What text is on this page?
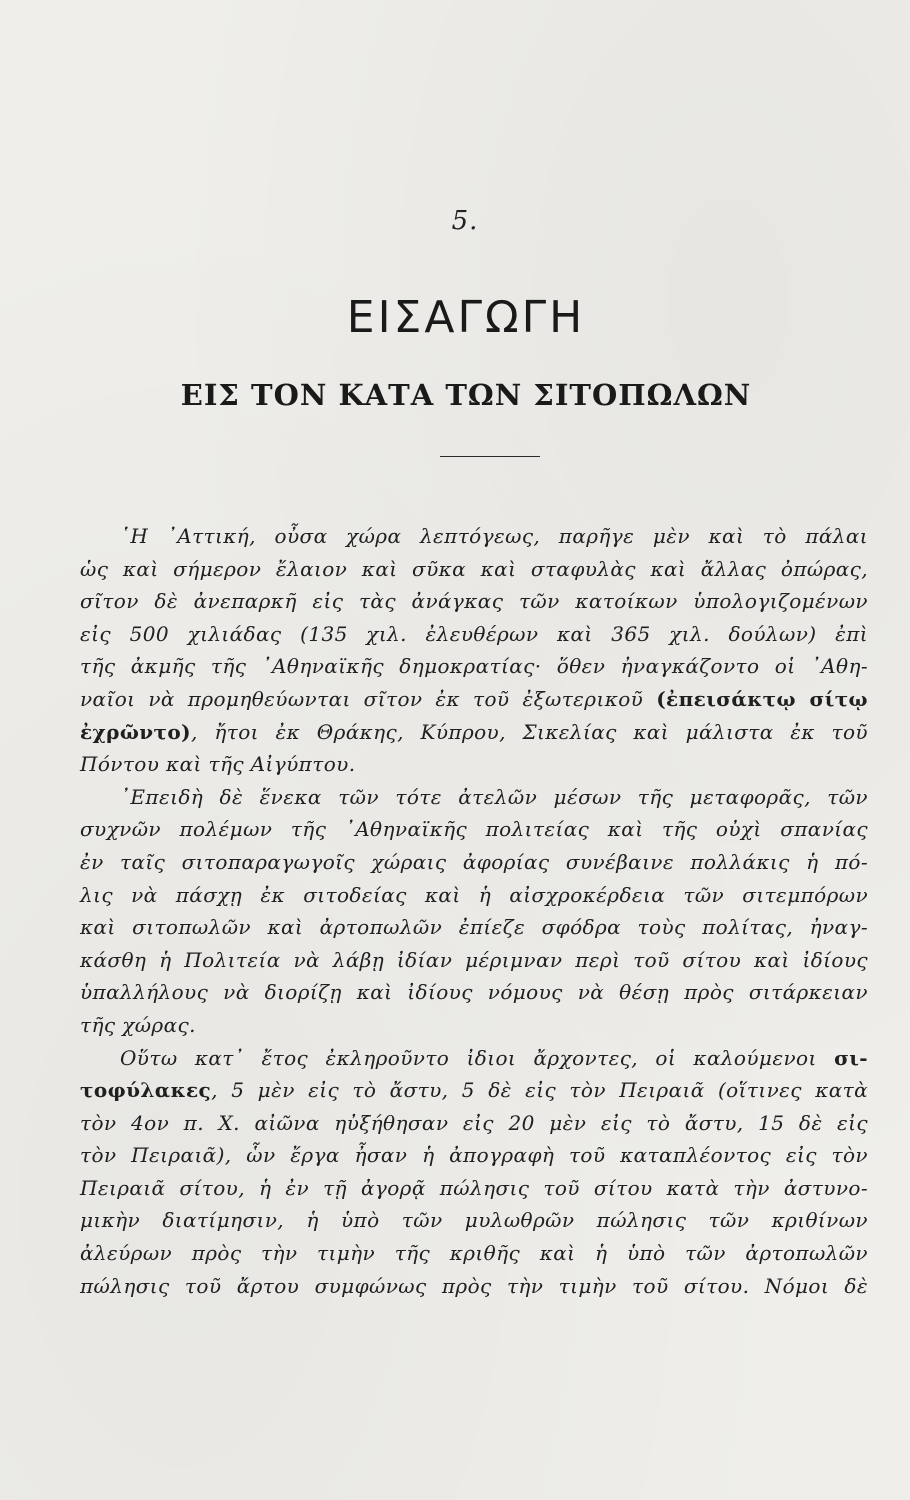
5.
ΕΙΣΑΓΩΓΗ
ΕΙΣ ΤΟΝ ΚΑΤΑ ΤΩΝ ΣΙΤΟΠΩΛΩΝ
῾Η ᾿Αττική, οὖσα χώρα λεπτόγεως, παρῆγε μὲν καὶ τὸ πάλαι
ὡς καὶ σήμερον ἔλαιον καὶ σῦκα καὶ σταφυλὰς καὶ ἄλλας ὀπώρας,
σῖτον δὲ ἀνεπαρκῆ εἰς τὰς ἀνάγκας τῶν κατοίκων ὑπολογιζομένων
εἰς 500 χιλιάδας (135 χιλ. ἐλευθέρων καὶ 365 χιλ. δούλων) ἐπὶ
τῆς ἀκμῆς τῆς ᾿Αθηναϊκῆς δημοκρατίας· ὅθεν ἠναγκάζοντο οἱ ᾿Αθη-
ναῖοι νὰ προμηθεύωνται σῖτον ἐκ τοῦ ἐξωτερικοῦ (ἐπεισάκτῳ σίτῳ
ἐχρῶντο), ἤτοι ἐκ Θράκης, Κύπρου, Σικελίας καὶ μάλιστα ἐκ τοῦ
Πόντου καὶ τῆς Αἰγύπτου.
᾿Επειδὴ δὲ ἕνεκα τῶν τότε ἀτελῶν μέσων τῆς μεταφορᾶς, τῶν
συχνῶν πολέμων τῆς ᾿Αθηναϊκῆς πολιτείας καὶ τῆς οὐχὶ σπανίας
ἐν ταῖς σιτοπαραγωγοῖς χώραις ἀφορίας συνέβαινε πολλάκις ἡ πό-
λις νὰ πάσχῃ ἐκ σιτοδείας καὶ ἡ αἰσχροκέρδεια τῶν σιτεμπόρων
καὶ σιτοπωλῶν καὶ ἀρτοπωλῶν ἐπίεζε σφόδρα τοὺς πολίτας, ἠναγ-
κάσθη ἡ Πολιτεία νὰ λάβῃ ἰδίαν μέριμναν περὶ τοῦ σίτου καὶ ἰδίους
ὑπαλλήλους νὰ διορίζῃ καὶ ἰδίους νόμους νὰ θέσῃ πρὸς σιτάρκειαν
τῆς χώρας.
Οὕτω κατ᾿ ἔτος ἐκληροῦντο ἰδιοι ἄρχοντες, οἱ καλούμενοι σι-
τοφύλακες, 5 μὲν εἰς τὸ ἄστυ, 5 δὲ εἰς τὸν Πειραιᾶ (οἵτινες κατὰ
τὸν 4ον π. Χ. αἰῶνα ηὐξήθησαν εἰς 20 μὲν εἰς τὸ ἄστυ, 15 δὲ εἰς
τὸν Πειραιᾶ), ὧν ἔργα ἦσαν ἡ ἀπογραφὴ τοῦ καταπλέοντος εἰς τὸν
Πειραιᾶ σίτου, ἡ ἐν τῇ ἀγορᾷ πώλησις τοῦ σίτου κατὰ τὴν ἀστυνο-
μικὴν διατίμησιν, ἡ ὑπὸ τῶν μυλωθρῶν πώλησις τῶν κριθίνων
ἀλεύρων πρὸς τὴν τιμὴν τῆς κριθῆς καὶ ἡ ὑπὸ τῶν ἀρτοπωλῶν
πώλησις τοῦ ἄρτου συμφώνως πρὸς τὴν τιμὴν τοῦ σίτου. Νόμοι δὲ
